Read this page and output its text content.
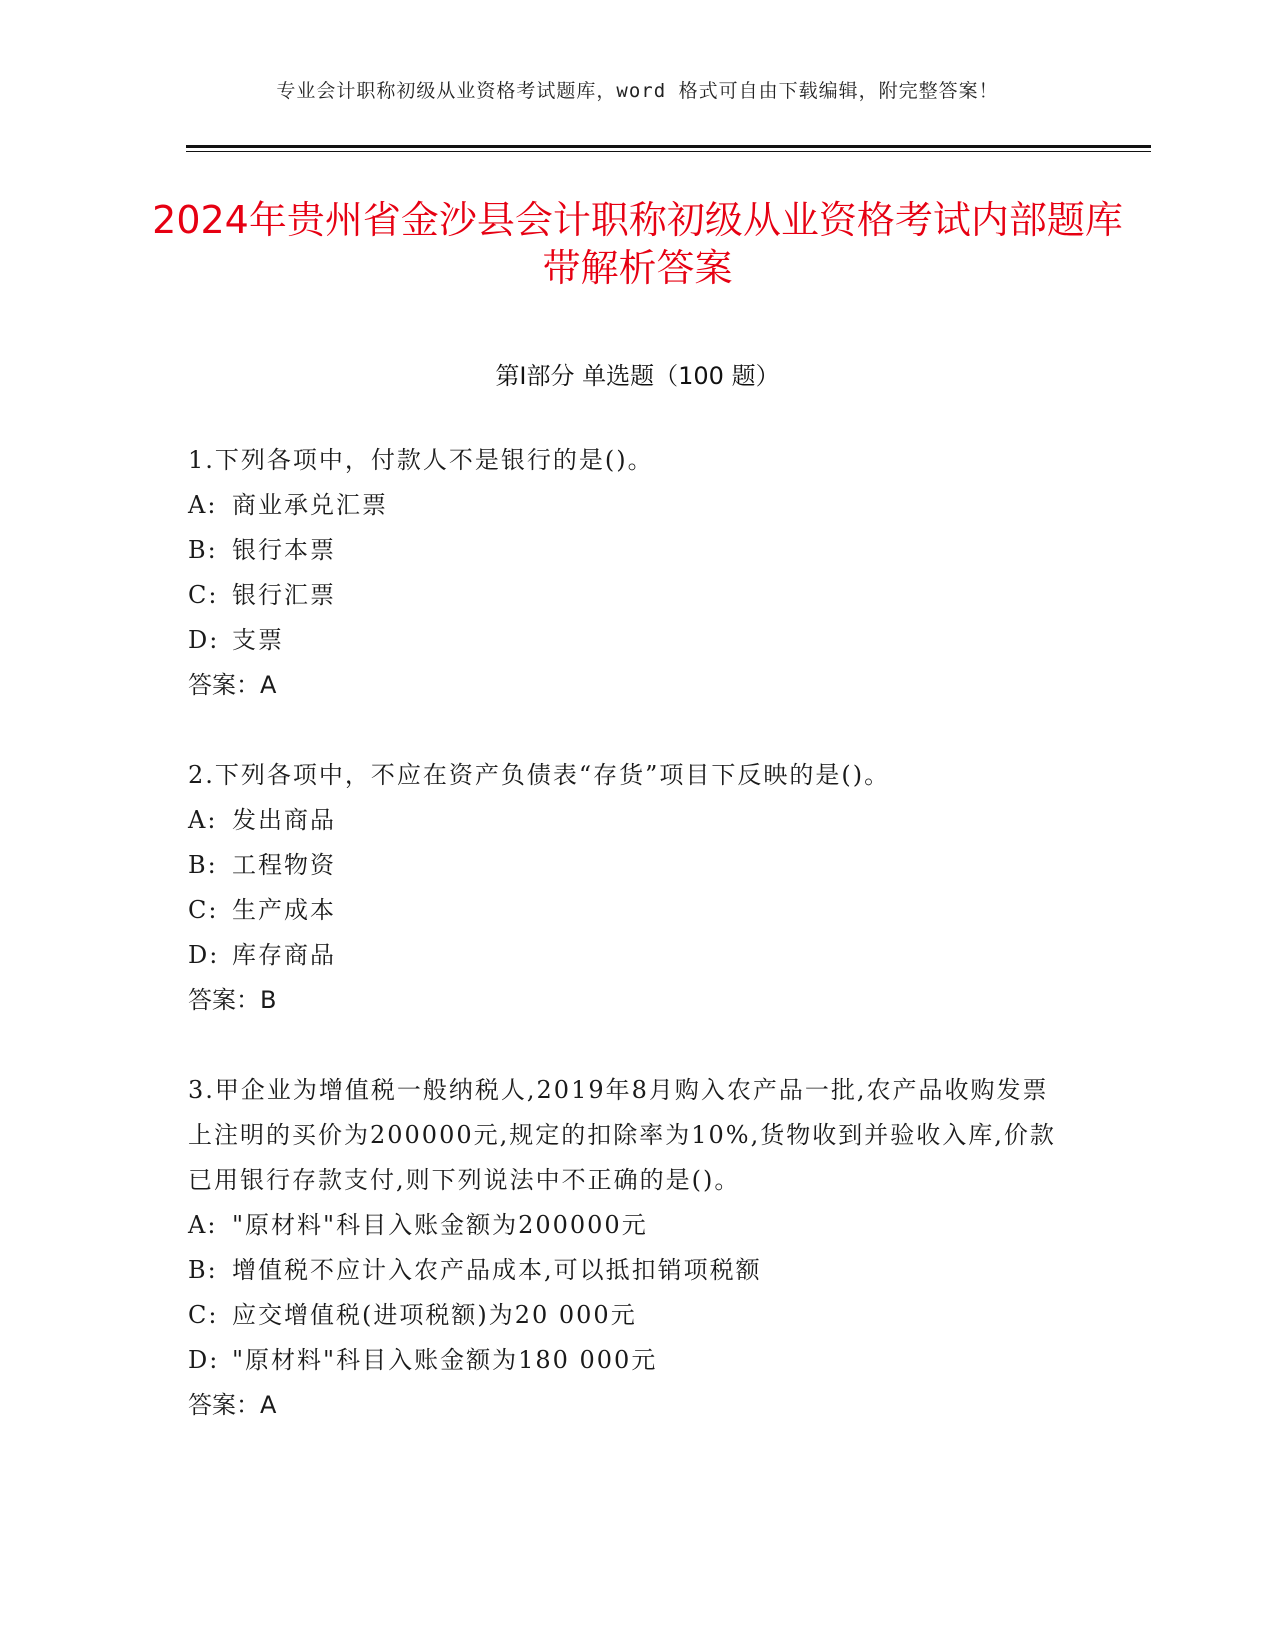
专业会计职称初级从业资格考试题库，word 格式可自由下载编辑，附完整答案！
2024年贵州省金沙县会计职称初级从业资格考试内部题库带解析答案
第Ⅰ部分 单选题（100 题）

1.下列各项中，付款人不是银行的是()。

A: 商业承兑汇票
B: 银行本票
C: 银行汇票
D: 支票
答案：A

2.下列各项中，不应在资产负债表“存货”项目下反映的是()。

A: 发出商品
B: 工程物资
C: 生产成本
D: 库存商品
答案：B

3.甲企业为增值税一般纳税人,2019年8月购入农产品一批,农产品收购发票上注明的买价为200000元,规定的扣除率为10%,货物收到并验收入库,价款已用银行存款支付,则下列说法中不正确的是()。

A: "原材料"科目入账金额为200000元
B: 增值税不应计入农产品成本,可以抵扣销项税额
C: 应交增值税(进项税额)为20 000元
D: "原材料"科目入账金额为180 000元
答案：A
